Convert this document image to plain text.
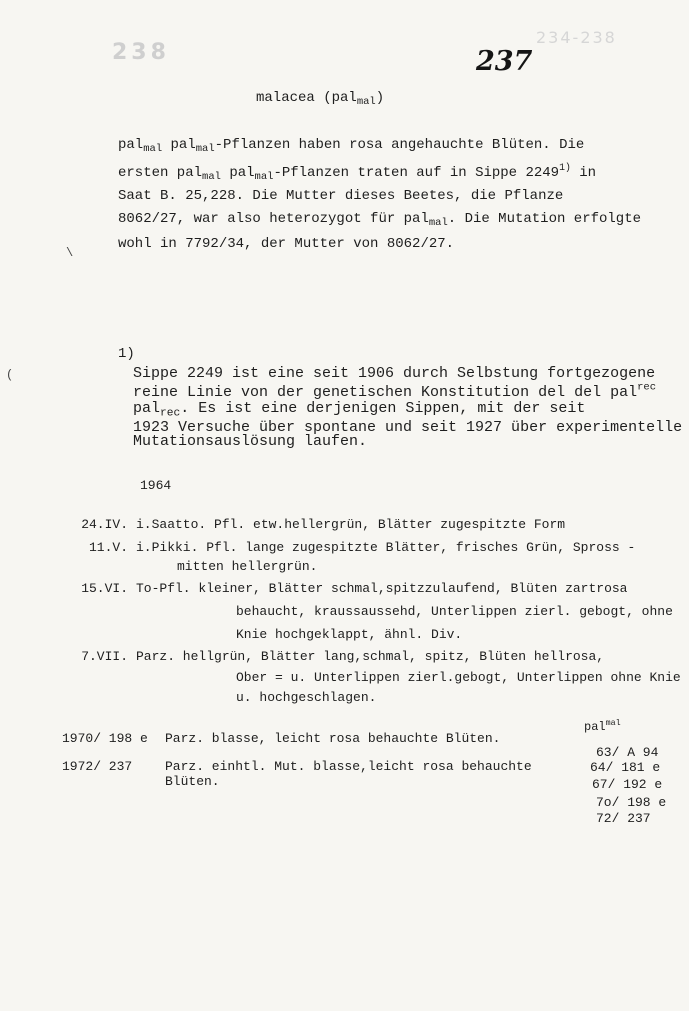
238
234-238
237
malacea (pal$_{mal}$)
pal$_{mal}$ pal$_{mal}$-Pflanzen haben rosa angehauchte Blüten. Die
ersten pal$_{mal}$ pal$_{mal}$-Pflanzen traten auf in Sippe 2249$^{1)}$ in
Saat B. 25,228. Die Mutter dieses Beetes, die Pflanze
8062/27, war also heterozygot für pal$_{mal}$. Die Mutation erfolgte
wohl in 7792/34, der Mutter von 8062/27.
1)
Sippe 2249 ist eine seit 1906 durch Selbstung fortgezogene
reine Linie von der genetischen Konstitution del del pal$^{rec}$
pal$_{rec}$. Es ist eine derjenigen Sippen, mit der seit
1923 Versuche über spontane und seit 1927 über experimentelle
Mutationsauslösung laufen.
1964
24.IV. i.Saatto. Pfl. etw.hellergrün, Blätter zugespitzte Form
11.V. i.Pikki. Pfl. lange zugespitzte Blätter, frisches Grün, Spross -
mitten hellergrün.
15.VI. To-Pfl. kleiner, Blätter schmal,spitzzulaufend, Blüten zartrosa
behaucht, kraussaussehd, Unterlippen zierl. gebogt, ohne
Knie hochgeklappt, ähnl. Div.
7.VII. Parz. hellgrün, Blätter lang,schmal, spitz, Blüten hellrosa,
Ober = u. Unterlippen zierl.gebogt, Unterlippen ohne Knie
u. hochgeschlagen.
1970/ 198 e Parz. blasse, leicht rosa behauchte Blüten.
1972/ 237	Parz. einhtl. Mut. blasse,leicht rosa behauchte
Blüten.
pal$^{mal}$
63/ A 94
64/ 181 e
67/ 192 e
7o/ 198 e
72/ 237
\
(
